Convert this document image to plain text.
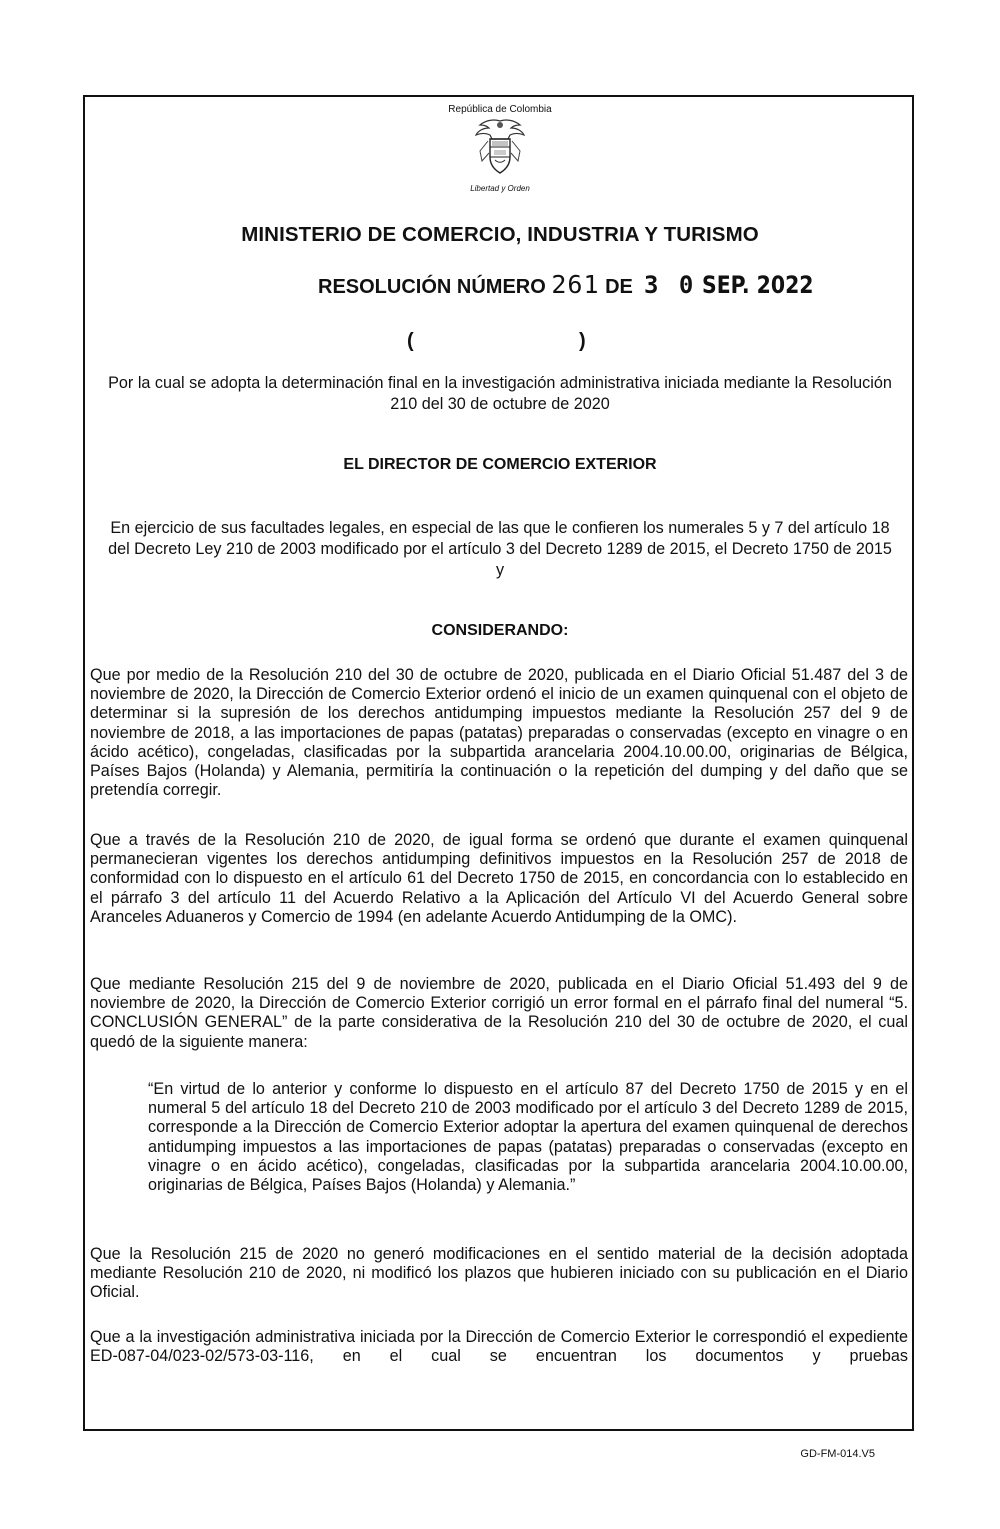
República de Colombia
Libertad y Orden
MINISTERIO DE COMERCIO, INDUSTRIA Y TURISMO
RESOLUCIÓN NÚMERO 261 DE 3 0 SEP. 2022
(	)
Por la cual se adopta la determinación final en la investigación administrativa iniciada mediante la Resolución 210 del 30 de octubre de 2020
EL DIRECTOR DE COMERCIO EXTERIOR
En ejercicio de sus facultades legales, en especial de las que le confieren los numerales 5 y 7 del artículo 18 del Decreto Ley 210 de 2003 modificado por el artículo 3 del Decreto 1289 de 2015, el Decreto 1750 de 2015 y
CONSIDERANDO:
Que por medio de la Resolución 210 del 30 de octubre de 2020, publicada en el Diario Oficial 51.487 del 3 de noviembre de 2020, la Dirección de Comercio Exterior ordenó el inicio de un examen quinquenal con el objeto de determinar si la supresión de los derechos antidumping impuestos mediante la Resolución 257 del 9 de noviembre de 2018, a las importaciones de papas (patatas) preparadas o conservadas (excepto en vinagre o en ácido acético), congeladas, clasificadas por la subpartida arancelaria 2004.10.00.00, originarias de Bélgica, Países Bajos (Holanda) y Alemania, permitiría la continuación o la repetición del dumping y del daño que se pretendía corregir.
Que a través de la Resolución 210 de 2020, de igual forma se ordenó que durante el examen quinquenal permanecieran vigentes los derechos antidumping definitivos impuestos en la Resolución 257 de 2018 de conformidad con lo dispuesto en el artículo 61 del Decreto 1750 de 2015, en concordancia con lo establecido en el párrafo 3 del artículo 11 del Acuerdo Relativo a la Aplicación del Artículo VI del Acuerdo General sobre Aranceles Aduaneros y Comercio de 1994 (en adelante Acuerdo Antidumping de la OMC).
Que mediante Resolución 215 del 9 de noviembre de 2020, publicada en el Diario Oficial 51.493 del 9 de noviembre de 2020, la Dirección de Comercio Exterior corrigió un error formal en el párrafo final del numeral “5. CONCLUSIÓN GENERAL” de la parte considerativa de la Resolución 210 del 30 de octubre de 2020, el cual quedó de la siguiente manera:
“En virtud de lo anterior y conforme lo dispuesto en el artículo 87 del Decreto 1750 de 2015 y en el numeral 5 del artículo 18 del Decreto 210 de 2003 modificado por el artículo 3 del Decreto 1289 de 2015, corresponde a la Dirección de Comercio Exterior adoptar la apertura del examen quinquenal de derechos antidumping impuestos a las importaciones de papas (patatas) preparadas o conservadas (excepto en vinagre o en ácido acético), congeladas, clasificadas por la subpartida arancelaria 2004.10.00.00, originarias de Bélgica, Países Bajos (Holanda) y Alemania.”
Que la Resolución 215 de 2020 no generó modificaciones en el sentido material de la decisión adoptada mediante Resolución 210 de 2020, ni modificó los plazos que hubieren iniciado con su publicación en el Diario Oficial.
Que a la investigación administrativa iniciada por la Dirección de Comercio Exterior le correspondió el expediente ED-087-04/023-02/573-03-116, en el cual se encuentran los documentos y pruebas
GD-FM-014.V5
